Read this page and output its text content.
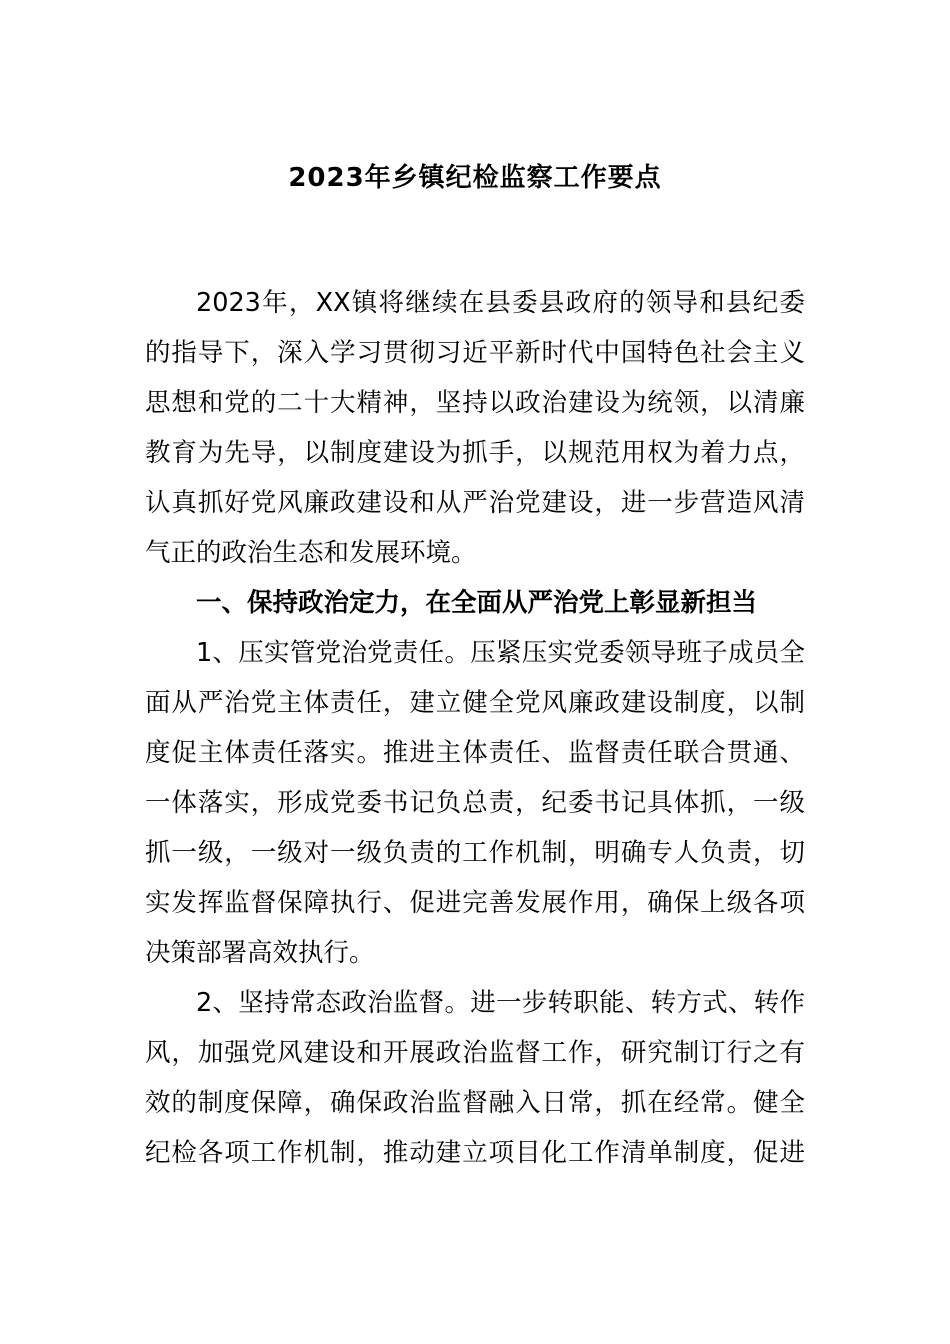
2023年乡镇纪检监察工作要点
2023年，XX镇将继续在县委县政府的领导和县纪委
的指导下，深入学习贯彻习近平新时代中国特色社会主义
思想和党的二十大精神，坚持以政治建设为统领，以清廉
教育为先导，以制度建设为抓手，以规范用权为着力点，
认真抓好党风廉政建设和从严治党建设，进一步营造风清
气正的政治生态和发展环境。
一、保持政治定力，在全面从严治党上彰显新担当
1、压实管党治党责任。压紧压实党委领导班子成员全
面从严治党主体责任，建立健全党风廉政建设制度，以制
度促主体责任落实。推进主体责任、监督责任联合贯通、
一体落实，形成党委书记负总责，纪委书记具体抓，一级
抓一级，一级对一级负责的工作机制，明确专人负责，切
实发挥监督保障执行、促进完善发展作用，确保上级各项
决策部署高效执行。
2、坚持常态政治监督。进一步转职能、转方式、转作
风，加强党风建设和开展政治监督工作，研究制订行之有
效的制度保障，确保政治监督融入日常，抓在经常。健全
纪检各项工作机制，推动建立项目化工作清单制度，促进
